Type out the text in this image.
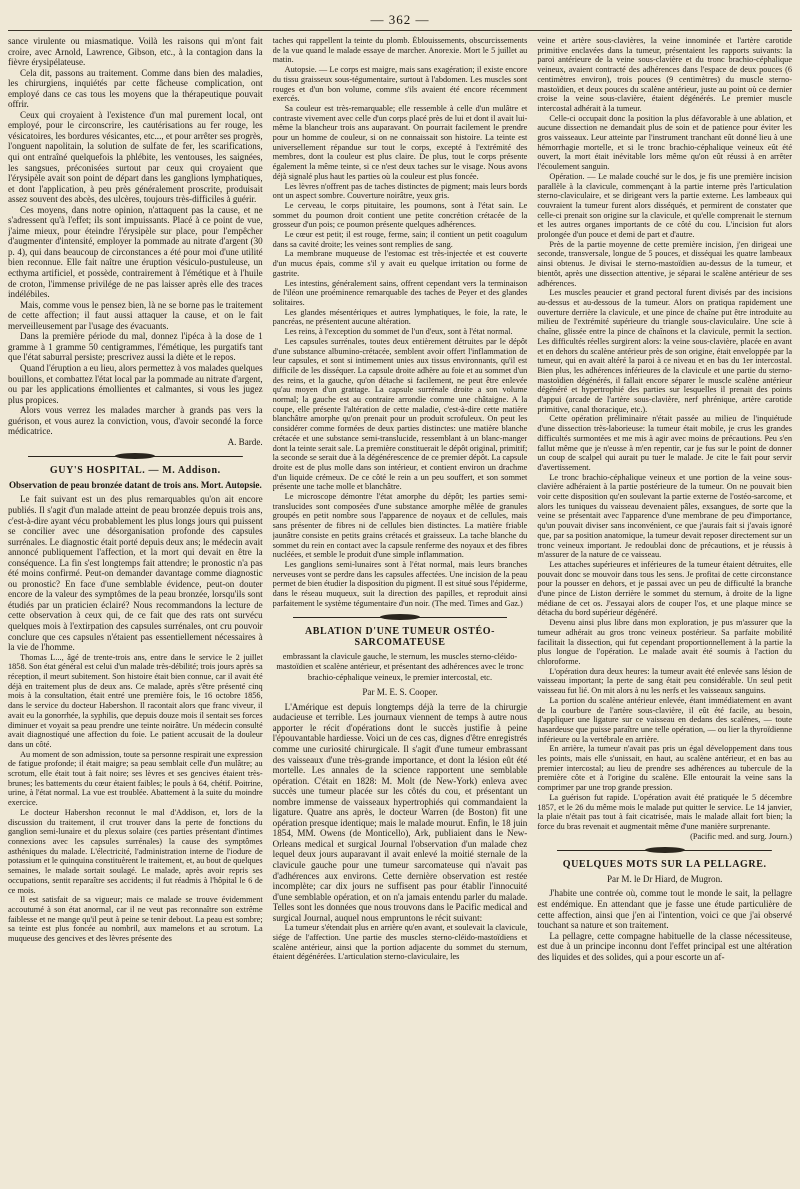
— 362 —

sance virulente ou miasmatique. Voilà les raisons qui m'ont fait croire, avec Arnold, Lawrence, Gibson, etc., à la contagion dans la fièvre érysipélateuse.

Cela dit, passons au traitement. Comme dans bien des maladies, les chirurgiens, inquiétés par cette fâcheuse complication, ont employé dans ce cas tous les moyens que la thérapeutique pouvait offrir.

Ceux qui croyaient à l'existence d'un mal purement local, ont employé, pour le circonscrire, les cautérisations au fer rouge, les vésicatoires, les bordures vésicantes, etc..., et pour arrêter ses progrès, l'onguent napolitain, la solution de sulfate de fer, les scarifications, qui ont entraîné quelquefois la phlébite, les ventouses, les saignées, les sangsues, préconisées surtout par ceux qui croyaient que l'érysipèle avait son point de départ dans les ganglions lymphatiques, et dont l'application, à peu près généralement proscrite, produisait assez souvent des abcès, des ulcères, toujours très-difficiles à guérir.

Ces moyens, dans notre opinion, n'attaquent pas la cause, et ne s'adressent qu'à l'effet; ils sont impuissants. Placé à ce point de vue, j'aime mieux, pour éteindre l'érysipèle sur place, pour l'empêcher d'augmenter d'intensité, employer la pommade au nitrate d'argent (30 p. 4), qui dans beaucoup de circonstances a été pour moi d'une utilité bien reconnue. Elle fait naître une éruption vésiculo-pustuleuse, un ecthyma artificiel, et possède, contrairement à l'émétique et à l'huile de croton, l'immense privilége de ne pas laisser après elle des traces indélébiles.

Mais, comme vous le pensez bien, là ne se borne pas le traitement de cette affection; il faut aussi attaquer la cause, et on le fait merveilleusement par l'usage des évacuants.

Dans la première période du mal, donnez l'ipéca à la dose de 1 gramme à 1 gramme 50 centigrammes, l'émétique, les purgatifs tant que l'état saburral persiste; prescrivez aussi la diète et le repos.

Quand l'éruption a eu lieu, alors permettez à vos malades quelques bouillons, et combattez l'état local par la pommade au nitrate d'argent, ou par les applications émollientes et calmantes, si vous les jugez plus propices.

Alors vous verrez les malades marcher à grands pas vers la guérison, et vous aurez la conviction, vous, d'avoir secondé la force médicatrice.

A. Barde.

GUY'S HOSPITAL. — M. Addison.
Observation de peau bronzée datant de trois ans. Mort. Autopsie.

Le fait suivant est un des plus remarquables qu'on ait encore publiés. Il s'agit d'un malade atteint de peau bronzée depuis trois ans, c'est-à-dire ayant vécu probablement les plus longs jours qui puissent se concilier avec une désorganisation profonde des capsules surrénales. Le diagnostic était porté depuis deux ans; le médecin avait annoncé publiquement l'affection, et la mort qui devait en être la conséquence. La fin s'est longtemps fait attendre; le pronostic n'a pas été moins confirmé. Peut-on demander davantage comme diagnostic ou pronostic? En face d'une semblable évidence, peut-on douter encore de la valeur des symptômes de la peau bronzée, lorsqu'ils sont étudiés par un praticien éclairé? Nous recommandons la lecture de cette observation à ceux qui, de ce fait que des rats ont survécu quelques mois à l'extirpation des capsules surrénales, ont cru pouvoir conclure que ces capsules n'étaient pas essentiellement nécessaires à la vie de l'homme.

Thomas L..., âgé de trente-trois ans, entre dans le service le 2 juillet 1858. Son état général est celui d'un malade très-débilité; trois jours après sa réception, il meurt subitement. Son histoire était bien connue, car il avait été déjà en traitement plus de deux ans. Ce malade, après s'être présenté cinq mois à la consultation, était entré une première fois, le 16 octobre 1856, dans le service du docteur Habershon. Il racontait alors que franc viveur, il avait eu la gonorrhée, la syphilis, que depuis douze mois il sentait ses forces diminuer et voyait sa peau prendre une teinte noirâtre. Un médecin consulté avait diagnostiqué une affection du foie. Le patient accusait de la douleur dans un côté.

Au moment de son admission, toute sa personne respirait une expression de fatigue profonde; il était maigre; sa peau semblait celle d'un mulâtre; au scrotum, elle était tout à fait noire; ses lèvres et ses gencives étaient très-brunes; les battements du cœur étaient faibles; le pouls à 64, chétif. Poitrine, urine, à l'état normal. La vue est troublée. Abattement à la suite du moindre exercice.

Le docteur Habershon reconnut le mal d'Addison, et, lors de la discussion du traitement, il crut trouver dans la perte de fonctions du ganglion semi-lunaire et du plexus solaire (ces parties présentant d'intimes connexions avec les capsules surrénales) la cause des symptômes asthéniques du malade. L'électricité, l'administration interne de l'iodure de potassium et le quinquina constituèrent le traitement, et, au bout de quelques semaines, le malade sortait soulagé. Le malade, après avoir repris ses occupations, sentit reparaître ses accidents; il fut réadmis à l'hôpital le 6 de ce mois.

Il est satisfait de sa vigueur; mais ce malade se trouve évidemment accoutumé à son état anormal, car il ne veut pas reconnaître son extrême faiblesse et ne mange qu'il peut à peine se tenir debout. La peau est sombre; sa teinte est plus foncée au nombril, aux mamelons et au scrotum. La muqueuse des gencives et des lèvres présente des

taches qui rappellent la teinte du plomb. Éblouissements, obscurcissements de la vue quand le malade essaye de marcher. Anorexie. Mort le 5 juillet au matin.

Autopsie. — Le corps est maigre, mais sans exagération; il existe encore du tissu graisseux sous-tégumentaire, surtout à l'abdomen. Les muscles sont rouges et d'un bon volume, comme s'ils avaient été encore récemment exercés.

Sa couleur est très-remarquable; elle ressemble à celle d'un mulâtre et contraste vivement avec celle d'un corps placé près de lui et dont il avait lui-même la blancheur trois ans auparavant. On pourrait facilement le prendre pour un homme de couleur, si on ne connaissait son histoire. La teinte est universellement répandue sur tout le corps, excepté à l'extrémité des membres, dont la couleur est plus claire. De plus, tout le corps présente également la même teinte, si ce n'est deux taches sur le visage. Nous avons déjà signalé plus haut les parties où la couleur est plus foncée.

Les lèvres n'offrent pas de taches distinctes de pigment; mais leurs bords ont un aspect sombre. Couverture noirâtre, yeux gris.

Le cerveau, le corps pituitaire, les poumons, sont à l'état sain. Le sommet du poumon droit contient une petite concrétion crétacée de la grosseur d'un pois; ce poumon présente quelques adhérences.

Le cœur est petit; il est rouge, ferme, sain; il contient un petit coagulum dans sa cavité droite; les veines sont remplies de sang.

La membrane muqueuse de l'estomac est très-injectée et est couverte d'un mucus épais, comme s'il y avait eu quelque irritation ou forme de gastrite.

Les intestins, généralement sains, offrent cependant vers la terminaison de l'iléon une proéminence remarquable des taches de Peyer et des glandes solitaires.

Les glandes mésentériques et autres lymphatiques, le foie, la rate, le pancréas, ne présentent aucune altération.

Les reins, à l'exception du sommet de l'un d'eux, sont à l'état normal.

Les capsules surrénales, toutes deux entièrement détruites par le dépôt d'une substance albumino-crétacée, semblent avoir offert l'inflammation de leur capsules, et sont si intimement unies aux tissus environnants, qu'il est difficile de les disséquer. La capsule droite adhère au foie et au sommet d'un des reins, et la gauche, qu'on détache si facilement, ne peut être enlevée qu'au moyen d'un grattage. La capsule surrénale droite a son volume normal; la gauche est au contraire arrondie comme une châtaigne. A la coupe, elle présente l'altération de cette maladie, c'est-à-dire cette matière blanchâtre amorphe qu'on prenait pour un produit scrofuleux. On peut les considérer comme formées de deux parties distinctes: une matière blanche crétacée et une substance semi-translucide, ressemblant à un blanc-manger dont la teinte serait sale. La première constituerait le dépôt original, primitif; la seconde se serait due à la dégénérescence de ce premier dépôt. La capsule droite est de plus molle dans son intérieur, et contient environ un drachme d'un liquide crémeux. De ce côté le rein a un peu souffert, et son sommet présente une tache molle et blanchâtre.

Le microscope démontre l'état amorphe du dépôt; les parties semi-translucides sont composées d'une substance amorphe mêlée de granules groupés en petit nombre sous l'apparence de noyaux et de cellules, mais sans présenter de fibres ni de cellules bien distinctes. La matière friable jaunâtre consiste en petits grains crétacés et graisseux. La tache blanche du sommet du rein en contact avec la capsule renferme des noyaux et des fibres nucléées, et semble le produit d'une simple inflammation.

Les ganglions semi-lunaires sont à l'état normal, mais leurs branches nerveuses vont se perdre dans les capsules affectées. Une incision de la peau permet de bien étudier la disposition du pigment. Il est situé sous l'épiderme, dans le réseau muqueux, suit la direction des papilles, et reproduit ainsi parfaitement le système tégumentaire d'un noir. (The med. Times and Gaz.)

ABLATION D'UNE TUMEUR OSTÉO-SARCOMATEUSE

embrassant la clavicule gauche, le sternum, les muscles sterno-cléido-mastoïdien et scalène antérieur, et présentant des adhérences avec le tronc brachio-céphalique veineux, le premier intercostal, etc.

Par M. E. S. Cooper.

L'Amérique est depuis longtemps déjà la terre de la chirurgie audacieuse et terrible. Les journaux viennent de temps à autre nous apporter le récit d'opérations dont le succès justifie à peine l'épouvantable hardiesse. Voici un de ces cas, dignes d'être enregistrés comme une curiosité chirurgicale. Il s'agit d'une tumeur embrassant des vaisseaux d'une très-grande importance, et dont la lésion eût été mortelle. Les annales de la science rapportent une semblable opération. C'était en 1828: M. Molt (de New-York) enleva avec succès une tumeur placée sur les côtés du cou, et présentant un nombre immense de vaisseaux hypertrophiés qui commandaient la ligature. Quatre ans après, le docteur Warren (de Boston) fit une opération presque identique; mais le malade mourut. Enfin, le 18 juin 1854, MM. Owens (de Monticello), Ark, publiaient dans le New-Orleans medical et surgical Journal l'observation d'un malade chez lequel deux jours auparavant il avait enlevé la moitié sternale de la clavicule gauche pour une tumeur sarcomateuse qui n'avait pas d'adhérences aux environs. Cette dernière observation est restée incomplète; car dix jours ne suffisent pas pour établir l'innocuité d'une semblable opération, et on n'a jamais entendu parler du malade. Telles sont les données que nous trouvons dans le Pacific medical and surgical Journal, auquel nous empruntons le récit suivant:

La tumeur s'étendait plus en arrière qu'en avant, et soulevait la clavicule, siége de l'affection. Une partie des muscles sterno-cléido-mastoïdiens et scalène antérieur, ainsi que la portion adjacente du sommet du sternum, étaient dégénérées. L'articulation sterno-claviculaire, les

veine et artère sous-clavières, la veine innominée et l'artère carotide primitive enclavées dans la tumeur, présentaient les rapports suivants: la paroi antérieure de la veine sous-clavière et du tronc brachio-céphalique veineux, avaient contracté des adhérences dans l'espace de deux pouces (6 centimètres environ), trois pouces (9 centimètres) du muscle sterno-mastoïdien, et deux pouces du scalène antérieur, juste au point où ce dernier croise la veine sous-clavière, étaient dégénérés. Le premier muscle intercostal adhérait à la tumeur.

Celle-ci occupait donc la position la plus défavorable à une ablation, et aucune dissection ne demandait plus de soin et de patience pour éviter les gros vaisseaux. Leur atteinte par l'instrument tranchant eût donné lieu à une hémorrhagie mortelle, et si le tronc brachio-céphalique veineux eût été ouvert, la mort était inévitable lors même qu'on eût réussi à en arrêter l'écoulement sanguin.

Opération. — Le malade couché sur le dos, je fis une première incision parallèle à la clavicule, commençant à la partie interne près l'articulation sterno-claviculaire, et se dirigeant vers la partie externe. Les lambeaux qui couvraient la tumeur furent alors disséqués, et permirent de constater que celle-ci prenait son origine sur la clavicule, et qu'elle comprenait le sternum et les autres organes importants de ce côté du cou. L'incision fut alors prolongée d'un pouce et demi de part et d'autre.

Près de la partie moyenne de cette première incision, j'en dirigeai une seconde, transversale, longue de 5 pouces, et disséquai les quatre lambeaux ainsi obtenus. Je divisai le sterno-mastoïdien au-dessus de la tumeur, et bientôt, après une dissection attentive, je séparai le scalène antérieur de ses adhérences.

Les muscles peaucier et grand pectoral furent divisés par des incisions au-dessus et au-dessous de la tumeur. Alors on pratiqua rapidement une ouverture derrière la clavicule, et une pince de chaîne put être introduite au milieu de l'extrémité supérieure du triangle sous-claviculaire. Une scie à chaîne, glissée entre la pince de chaînons et la clavicule, permit la section. Les difficultés réelles surgirent alors: la veine sous-clavière, placée en avant et en dehors du scalène antérieur près de son origine, était enveloppée par la tumeur, qui en avait altéré la paroi à ce niveau et en bas du 1er intercostal. Bien plus, les adhérences inférieures de la clavicule et une partie du sterno-mastoïdien dégénérés, il fallait encore séparer le muscle scalène antérieur dégénéré et hypertrophié des parties sur lesquelles il prenait des points d'appui (arcade de l'artère sous-clavière, nerf phrénique, artère carotide primitive, canal thoracique, etc.).

Cette opération préliminaire n'était passée au milieu de l'inquiétude d'une dissection très-laborieuse: la tumeur était mobile, je crus les grandes difficultés surmontées et me mis à agir avec moins de précautions. Peu s'en fallut même que je n'eusse à m'en repentir, car je fus sur le point de donner un coup de scalpel qui aurait pu tuer le malade. Je cite le fait pour servir d'avertissement.

Le tronc brachio-céphalique veineux et une portion de la veine sous-clavière adhéraient à la partie postérieure de la tumeur. On ne pouvait bien voir cette disposition qu'en soulevant la partie externe de l'ostéo-sarcome, et alors les tuniques du vaisseau devenaient pâles, exsangues, de sorte que la veine se présentait avec l'apparence d'une membrane de peu d'importance, qu'un pouvait diviser sans inconvénient, ce que j'aurais fait si j'avais ignoré que, par sa position anatomique, la tumeur devait reposer directement sur un tronc veineux important. Je redoublai donc de précautions, et je réussis à m'assurer de la nature de ce vaisseau.

Les attaches supérieures et inférieures de la tumeur étaient détruites, elle pouvait donc se mouvoir dans tous les sens. Je profitai de cette circonstance pour la pousser en dehors, et je passai avec un peu de difficulté la branche d'une pince de Liston derrière le sommet du sternum, à droite de la ligne médiane de cet os. J'essayai alors de couper l'os, et une plaque mince se détacha du bord supérieur dégénéré.

Devenu ainsi plus libre dans mon exploration, je pus m'assurer que la tumeur adhérait au gros tronc veineux postérieur. Sa parfaite mobilité facilitait la dissection, qui fut cependant proportionnellement à la partie la plus longue de l'opération. Le malade avait été soumis à l'action du chloroforme.

L'opération dura deux heures: la tumeur avait été enlevée sans lésion de vaisseau important; la perte de sang était peu considérable. Un seul petit vaisseau fut lié. On mit alors à nu les nerfs et les vaisseaux sanguins.

La portion du scalène antérieur enlevée, étant immédiatement en avant de la courbure de l'artère sous-clavière, il eût été facile, au besoin, d'appliquer une ligature sur ce vaisseau en dedans des scalènes, — toute hasardeuse que puisse paraître une telle opération, — ou lier la thyroïdienne inférieure ou la vertébrale en arrière.

En arrière, la tumeur n'avait pas pris un égal développement dans tous les points, mais elle s'unissait, en haut, au scalène antérieur, et en bas au premier intercostal; au lieu de prendre ses adhérences au tubercule de la première côte et à l'origine du scalène. Elle entourait la veine sans la comprimer par une trop grande pression.

La guérison fut rapide. L'opération avait été pratiquée le 5 décembre 1857, et le 26 du même mois le malade put quitter le service. Le 14 janvier, la plaie n'était pas tout à fait cicatrisée, mais le malade allait fort bien; la force du bras revenait et augmentait même d'une manière surprenante.

(Pacific med. and surg. Journ.)

QUELQUES MOTS SUR LA PELLAGRE.

Par M. le Dr Hiard, de Mugron.

J'habite une contrée où, comme tout le monde le sait, la pellagre est endémique. En attendant que je fasse une étude particulière de cette affection, ainsi que j'en ai l'intention, voici ce que j'ai observé touchant sa nature et son traitement.

La pellagre, cette compagne habituelle de la classe nécessiteuse, est due à un principe inconnu dont l'effet principal est une altération des liquides et des solides, qui a pour escorte un af-
